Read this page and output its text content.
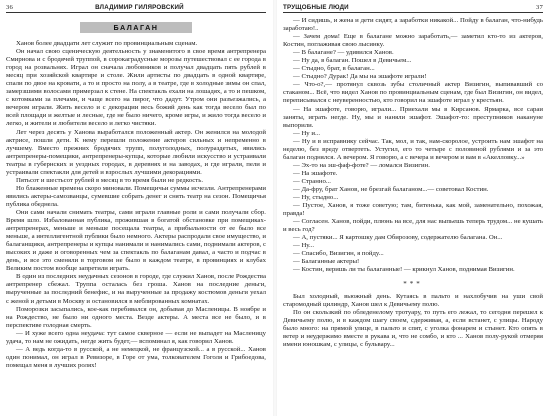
36	ВЛАДИМИР ГИЛЯРОВСКИЙ
БАЛАГАН

Ханов более двадцати лет служит по провинциальным сценам.

Он начал свою сценическую деятельность у знаменитого в свое время антрепренера Смирнова и с бродячей труппой, в сорокаградусные морозы путешествовал с ее города в город на розвальнях. Играл он сначала любовников и получал двадцать пять рублей в месяц при хозяйской квартире и столе. Жили артисты по двадцать в одной квартире, спали по двое на кровати, а то и просто на полу, а в театре, где в холодные зимы он спал, замерзшими волосами примерзал к стене. На спектакль ехали на лошадях, а то и пешком, с котомками за плечами, и чаще всего на пирог, что дадут. Утром они разъезжались, а вечером играли. Жить весело и с декорации весь божий день как тогда весело был по всей площади и желтые и лесные, где не было ничего, кроме игры, и жило тогда весело и легко, и жители и любители весело и легко чистяки.

Лет через десять у Ханова выработался положенный актер. Он женился на молодой актрисе, пошли дети. К нему перешли положение актеров сильных и непременно в лучшему. Вместо прежних бродячих трупп, полуголодных, полураздетых, явились антрепренеры-помещики, антрепренеры-купцы, которые любили искусство и устраивали театры в губернских и уездных городах, в деревнях и на заводах, и где играли, пели и устраивали спектакли для детей и взрослых лучшими декорациями.

Пятьсот и шестьсот рублей в месяц в то время были не редкость.

Но блаженные времена скоро миновали. Помещичьи суммы исчезли. Антрепренерами явились актеры-самозванцы, сумевшие собрать денег и снять театр на сезон. Помещичья публика обеднела.

Они сами начали снимать театры, сами играли главные роли и сами получали сбор. Время шло. Избалованная публика, прожившая в богатой обстановке при помещиках-антрепренерах, меньше и меньше посещала театры, а прибыльности от ее было все меньше, а интеллигентной публики было немного. Актеры распродали свое имущество, и балаганщики, антрепренеры и купцы нанимали и нанимались сами, поднимали актеров, с высоких и даже и оговоренных чем за спектакль по балаганам давал, а часто и подчас в день, и все это сменяли в торговом не было в каждом театре, в провинциях и клубах Великим постом вообще запретили играть.

В один из последних неудачных сезонов в городе, где служил Ханов, после Рождества антрепренер сбежал. Труппа осталась без гроша. Ханов на последние деньги, вырученные за последний бенефис, и на вырученные за продажу костюмов деньги уехал с женой и детьми в Москву и остановился в меблированных комнатах.

Поморозки засыпались, кое-как перебивался он, добывая до Масленицы. В ноябре и на Рождество, не было ни одного места. Везде актеры. А места все не было, и в перспективе голодная смерть.

— И хуже всего одна неудача: тут самое скверное — если не выпадет на Масленицу удача, то нам не ожидать, негде жить будет,— вспоминал я, как говорил Ханов.

— А ведь когда-то в русской, а не немецкой, не французской... а в русской... Ханов один понимал, он играл в Ревизоре, в Горе от ума, толкователем Гоголя и Грибоедова, помещал меня в лучших ролях!

ТРУЩОБНЫЕ ЛЮДИ	37

— И сидишь, и жена и дети сидят, а заработки никакой... Пойду в балаган, что-нибудь заработаю!..

— Зачем дома! Еще в балагане можно заработать,— заметил кто-то из актеров, Костин, поглаживая свою лысинку.

— В балагане? — удивился Ханов.

— Ну да, в балаган. Пошел в Девичьем...

— Стыдно, брат, в балаган...

— Стыдно? Дурак! Да мы на эшафоте играли!

— Что-о?,— протянул сквозь зубы столичный актер Визигин, выпивавший со стаканом... Всё, что видел Ханов по провинциальным сценам, где был Визигин, он видел, переписывался с неуверенностью, кто говорил на эшафоте играл у крестьян.

— На эшафоте, говорю, играли... Приехали мы в Кирсанов. Ярмарка, все сараи заняты, играть негде. Ну, мы и наняли эшафот. Эшафот-то: преступников накануне выпорили.

— Ну и...

— Ну и в исправнику сейчас. Так, мол, и так, нам-скоролое, устроить нам эшафот на неделю, без вреду отвертеть. Устугил, его то четыре с половиной рублями и за это балаган поднялся. А вечером. Я говорю, а с вечера и вечером и вам в «Акелловку...»

— Эх-то на эш-фаф-фоте? — ломался Визигин.

— На эшафоте.

— Странно...

— Да-фру, брат Ханов, не брезгай балаганом...— советовал Костин.

— Ну, стыдно...

— Пустое, Ханов, я тоже советую; там, битенька, как мой, заменательно, похожая, правда!

— Согласен. Ханов, пойди, плюнь на все, для нас выпьешь теперь трудом... не кушать и весь год?

— А, пустяки... Я картошку дам Обирозову, содержателю балагана. Он...

— Ну...

— Спасибо, Визигин, я пойду...

— Балаганные актеры!

— Костин, веришь ли ты балаганные! — крикнул Ханов, поднимая Визигин.

***

Был холодный, вьюжный день. Кутаясь в пальто и нахлобучив на уши свой старомодный цилиндр, Ханов шел к Девичьему полю.

По он скользкий по обледенелому тротуару, то путь его лежал, то сегодня перешел к Девичьему полю, и в каждом шагу своем, сдерживая, а, если встанет, с улицы. Народу было много: на прямой улице, в пальто и спят, с уголка фонарем и стынет. Кто опять в ветер и неудержимо вместе в рукава и, что не сомбо, и кто ... Ханов полу-рукой отмеряя имени юношкам, с улицы, с бульвару...
